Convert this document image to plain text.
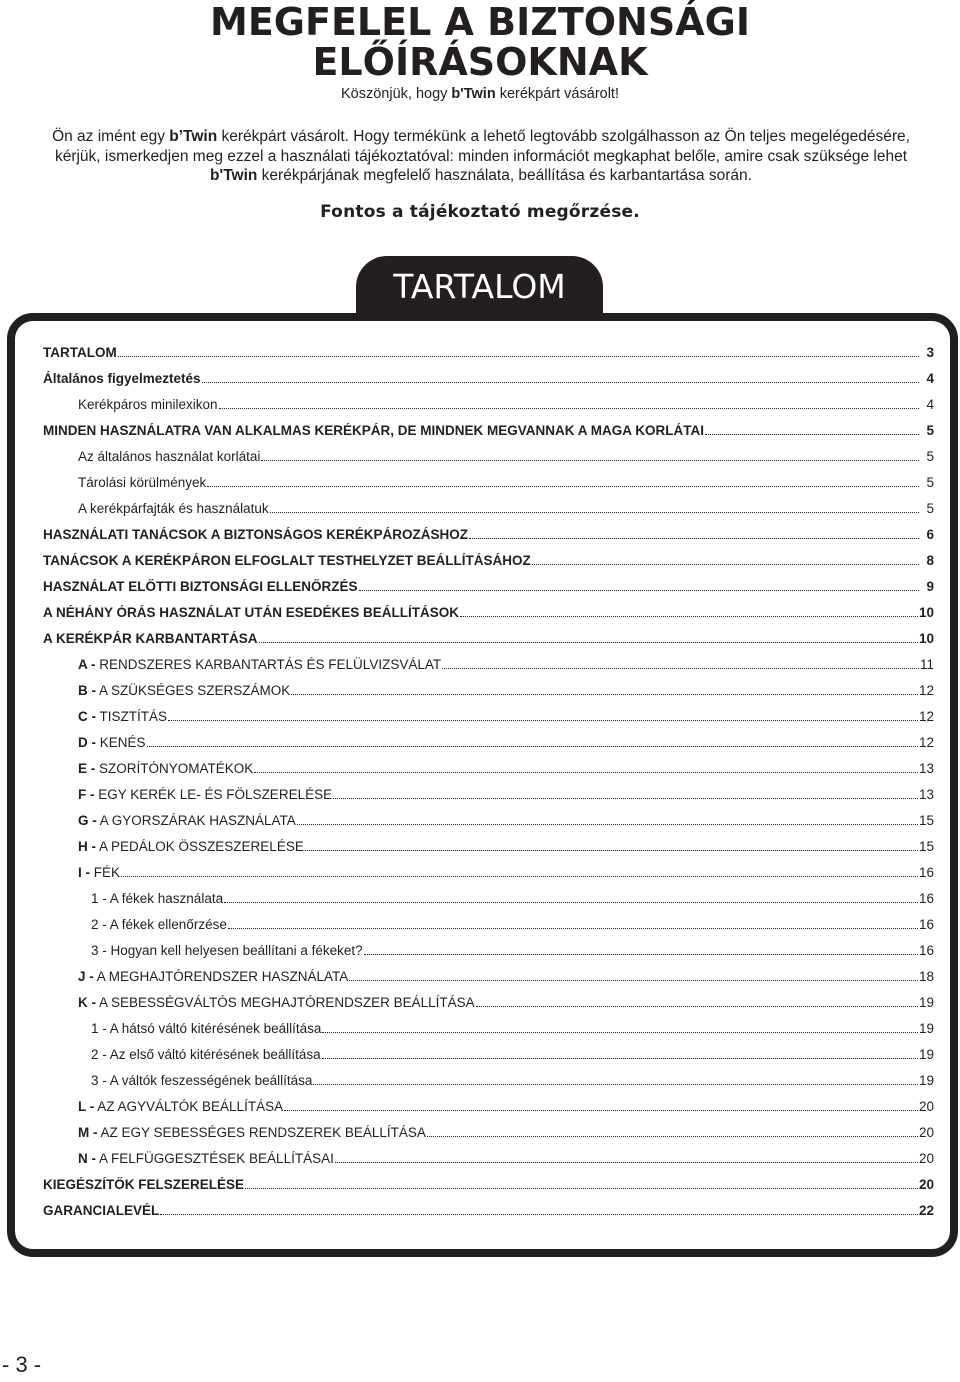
MEGFELEL A BIZTONSÁGI
ELŐÍRÁSOKNAK
Köszönjük, hogy b'Twin kerékpárt vásárolt!
Ön az imént egy b’Twin kerékpárt vásárolt. Hogy termékünk a lehető legtovább szolgálhasson az Ön teljes megelégedésére,
kérjük, ismerkedjen meg ezzel a használati tájékoztatóval: minden információt megkaphat belőle, amire csak szüksége lehet
b'Twin kerékpárjának megfelelő használata, beállítása és karbantartása során.
Fontos a tájékoztató megőrzése.
TARTALOM
TARTALOM	3
Általános figyelmeztetés	4
Kerékpáros minilexikon	4
MINDEN HASZNÁLATRA VAN ALKALMAS KERÉKPÁR, DE MINDNEK MEGVANNAK A MAGA KORLÁTAI	5
Az általános használat korlátai	5
Tárolási körülmények	5
A kerékpárfajták és használatuk	5
HASZNÁLATI TANÁCSOK A BIZTONSÁGOS KERÉKPÁROZÁSHOZ	6
TANÁCSOK A KERÉKPÁRON ELFOGLALT TESTHELYZET BEÁLLÍTÁSÁHOZ	8
HASZNÁLAT ELŐTTI BIZTONSÁGI ELLENŐRZÉS	9
A NÉHÁNY ÓRÁS HASZNÁLAT UTÁN ESEDÉKES BEÁLLÍTÁSOK	10
A KERÉKPÁR KARBANTARTÁSA	10
A - RENDSZERES KARBANTARTÁS ÉS FELÜLVIZSVÁLAT	11
B - A SZÜKSÉGES SZERSZÁMOK	12
C - TISZTÍTÁS	12
D - KENÉS	12
E - SZORÍTÓNYOMATÉKOK	13
F - EGY KERÉK LE- ÉS FÖLSZERELÉSE	13
G - A GYORSZÁRAK HASZNÁLATA	15
H - A PEDÁLOK ÖSSZESZERELÉSE	15
I - FÉK	16
1 - A fékek használata	16
2 - A fékek ellenőrzése	16
3 - Hogyan kell helyesen beállítani a fékeket?	16
J - A MEGHAJTÓRENDSZER HASZNÁLATA	18
K - A SEBESSÉGVÁLTÓS MEGHAJTÓRENDSZER BEÁLLÍTÁSA	19
1 - A hátsó váltó kitérésének beállítása	19
2 - Az első váltó kitérésének beállítása	19
3 - A váltók feszességének beállítása	19
L - AZ AGYVÁLTÓK BEÁLLÍTÁSA	20
M - AZ EGY SEBESSÉGES RENDSZEREK BEÁLLÍTÁSA	20
N - A FELFÜGGESZTÉSEK BEÁLLÍTÁSAI	20
KIEGÉSZÍTŐK FELSZERELÉSE	20
GARANCIALEVÉL	22
- 3 -
